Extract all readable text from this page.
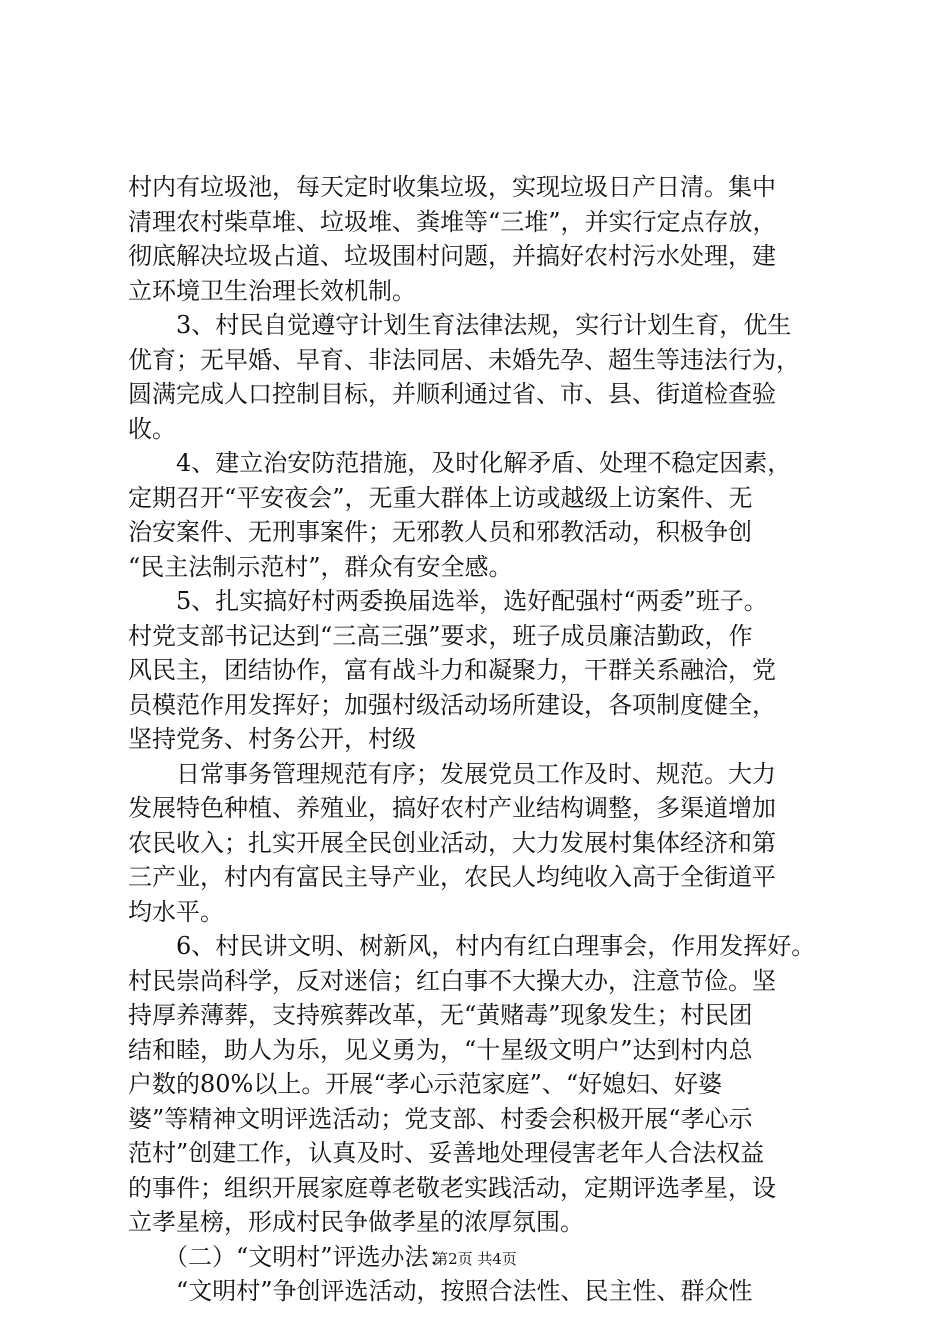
村内有垃圾池，每天定时收集垃圾，实现垃圾日产日清。集中
清理农村柴草堆、垃圾堆、粪堆等“三堆”，并实行定点存放，
彻底解决垃圾占道、垃圾围村问题，并搞好农村污水处理，建
立环境卫生治理长效机制。
　　3、村民自觉遵守计划生育法律法规，实行计划生育，优生
优育；无早婚、早育、非法同居、未婚先孕、超生等违法行为，
圆满完成人口控制目标，并顺利通过省、市、县、街道检查验
收。
　　4、建立治安防范措施，及时化解矛盾、处理不稳定因素，
定期召开“平安夜会”，无重大群体上访或越级上访案件、无
治安案件、无刑事案件；无邪教人员和邪教活动，积极争创
“民主法制示范村”，群众有安全感。
　　5、扎实搞好村两委换届选举，选好配强村“两委”班子。
村党支部书记达到“三高三强”要求，班子成员廉洁勤政，作
风民主，团结协作，富有战斗力和凝聚力，干群关系融洽，党
员模范作用发挥好；加强村级活动场所建设，各项制度健全，
坚持党务、村务公开，村级
　　日常事务管理规范有序；发展党员工作及时、规范。大力
发展特色种植、养殖业，搞好农村产业结构调整，多渠道增加
农民收入；扎实开展全民创业活动，大力发展村集体经济和第
三产业，村内有富民主导产业，农民人均纯收入高于全街道平
均水平。
　　6、村民讲文明、树新风，村内有红白理事会，作用发挥好。
村民崇尚科学，反对迷信；红白事不大操大办，注意节俭。坚
持厚养薄葬，支持殡葬改革，无“黄赌毒”现象发生；村民团
结和睦，助人为乐，见义勇为，“十星级文明户”达到村内总
户数的80%以上。开展“孝心示范家庭”、“好媳妇、好婆
婆”等精神文明评选活动；党支部、村委会积极开展“孝心示
范村”创建工作，认真及时、妥善地处理侵害老年人合法权益
的事件；组织开展家庭尊老敬老实践活动，定期评选孝星，设
立孝星榜，形成村民争做孝星的浓厚氛围。
　　（二）“文明村”评选办法：
　　“文明村”争创评选活动，按照合法性、民主性、群众性
第2页 共4页
